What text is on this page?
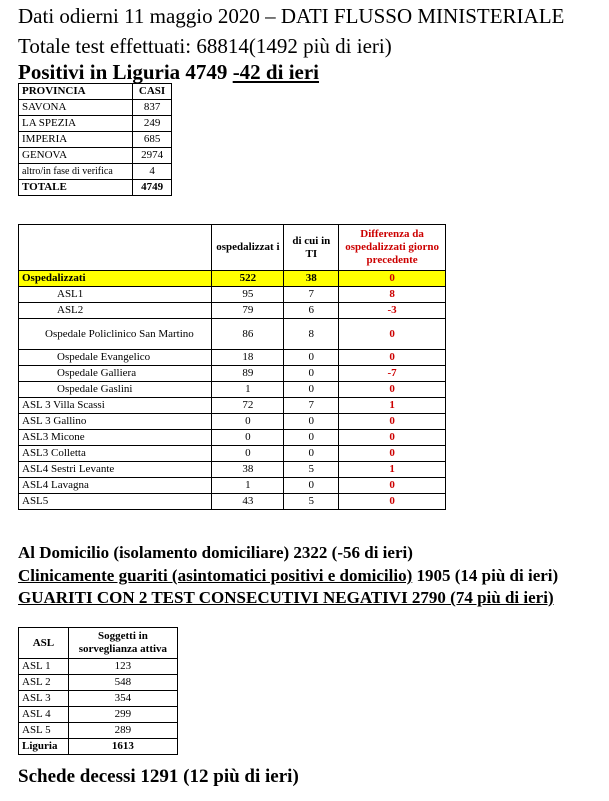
Dati odierni 11 maggio 2020 – DATI FLUSSO MINISTERIALE
Totale test effettuati: 68814(1492 più di ieri)
Positivi in Liguria 4749 -42 di ieri
PROVINCIA	CASI
SAVONA	837
LA SPEZIA	249
IMPERIA	685
GENOVA	2974
altro/in fase di verifica	4
TOTALE	4749
	ospedalizzat i	di cui in TI	Differenza da ospedalizzati giorno precedente
Ospedalizzati	522	38	0
ASL1	95	7	8
ASL2	79	6	-3
Ospedale Policlinico San Martino	86	8	0
Ospedale Evangelico	18	0	0
Ospedale Galliera	89	0	-7
Ospedale Gaslini	1	0	0
ASL 3 Villa Scassi	72	7	1
ASL 3 Gallino	0	0	0
ASL3 Micone	0	0	0
ASL3 Colletta	0	0	0
ASL4 Sestri Levante	38	5	1
ASL4 Lavagna	1	0	0
ASL5	43	5	0
Al Domicilio (isolamento domiciliare) 2322 (-56 di ieri)
Clinicamente guariti (asintomatici positivi e domicilio) 1905 (14 più di ieri)
GUARITI CON 2 TEST CONSECUTIVI NEGATIVI 2790 (74 più di ieri)
ASL	Soggetti in sorveglianza attiva
ASL 1	123
ASL 2	548
ASL 3	354
ASL 4	299
ASL 5	289
Liguria	1613
Schede decessi 1291 (12 più di ieri)
